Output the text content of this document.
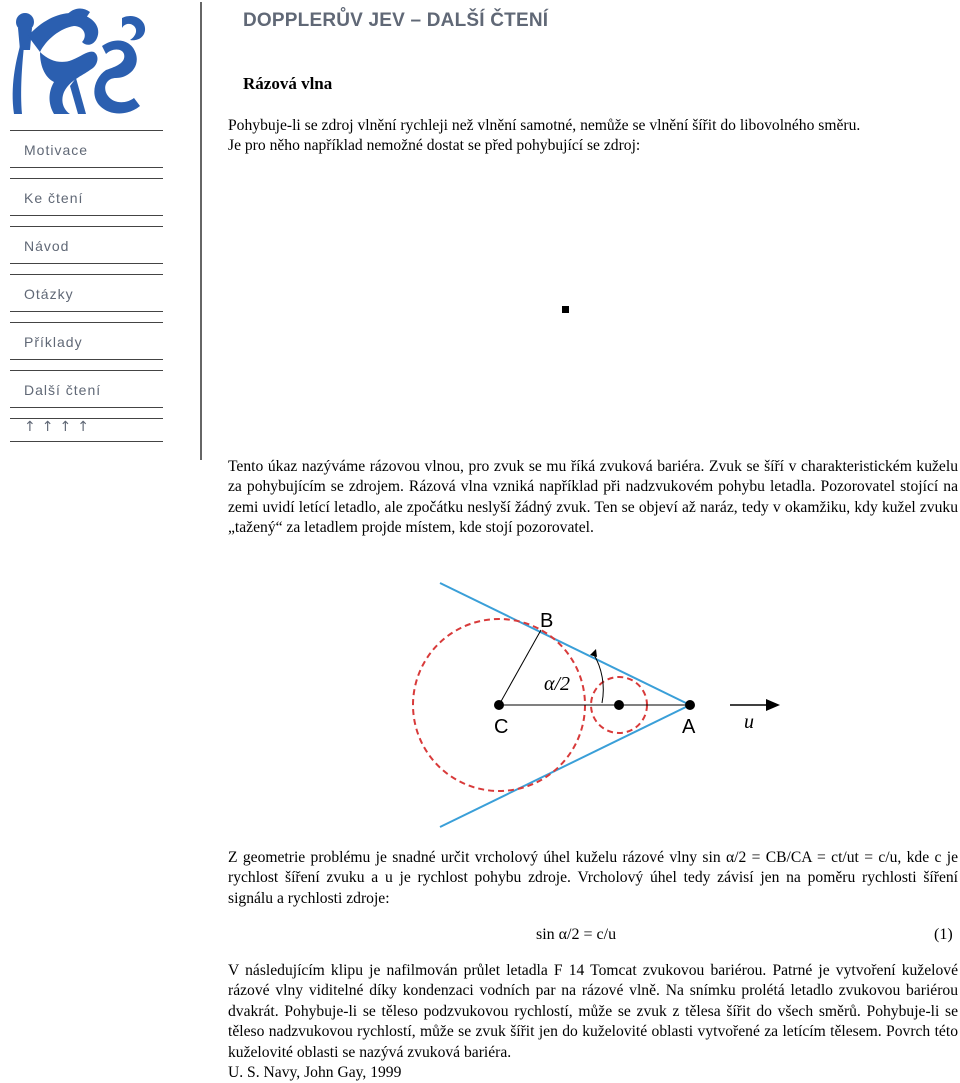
Motivace
Ke čtení
Návod
Otázky
Příklady
Další čtení
↑↑↑↑
DOPPLERŮV JEV – DALŠÍ ČTENÍ
Rázová vlna
Pohybuje-li se zdroj vlnění rychleji než vlnění samotné, nemůže se vlnění šířit do libovolného směru.
Je pro něho například nemožné dostat se před pohybující se zdroj:
Tento úkaz nazýváme rázovou vlnou, pro zvuk se mu říká zvuková bariéra. Zvuk se šíří v charakteristickém kuželu za pohybujícím se zdrojem. Rázová vlna vzniká například při nadzvukovém pohybu letadla. Pozorovatel stojící na zemi uvidí letící letadlo, ale zpočátku neslyší žádný zvuk. Ten se objeví až naráz, tedy v okamžiku, kdy kužel zvuku „tažený“ za letadlem projde místem, kde stojí pozorovatel.
B
C	A
α/2
u
Z geometrie problému je snadné určit vrcholový úhel kuželu rázové vlny sin α/2 = CB/CA = ct/ut = c/u, kde c je rychlost šíření zvuku a u je rychlost pohybu zdroje. Vrcholový úhel tedy závisí jen na poměru rychlosti šíření signálu a rychlosti zdroje:
sin α/2 = c/u	(1)
V následujícím klipu je nafilmován průlet letadla F 14 Tomcat zvukovou bariérou. Patrné je vytvoření kuželové rázové vlny viditelné díky kondenzaci vodních par na rázové vlně. Na snímku prolétá letadlo zvukovou bariérou dvakrát. Pohybuje-li se těleso podzvukovou rychlostí, může se zvuk z tělesa šířit do všech směrů. Pohybuje-li se těleso nadzvukovou rychlostí, může se zvuk šířit jen do kuželovité oblasti vytvořené za letícím tělesem. Povrch této kuželovité oblasti se nazývá zvuková bariéra.
U. S. Navy, John Gay, 1999
